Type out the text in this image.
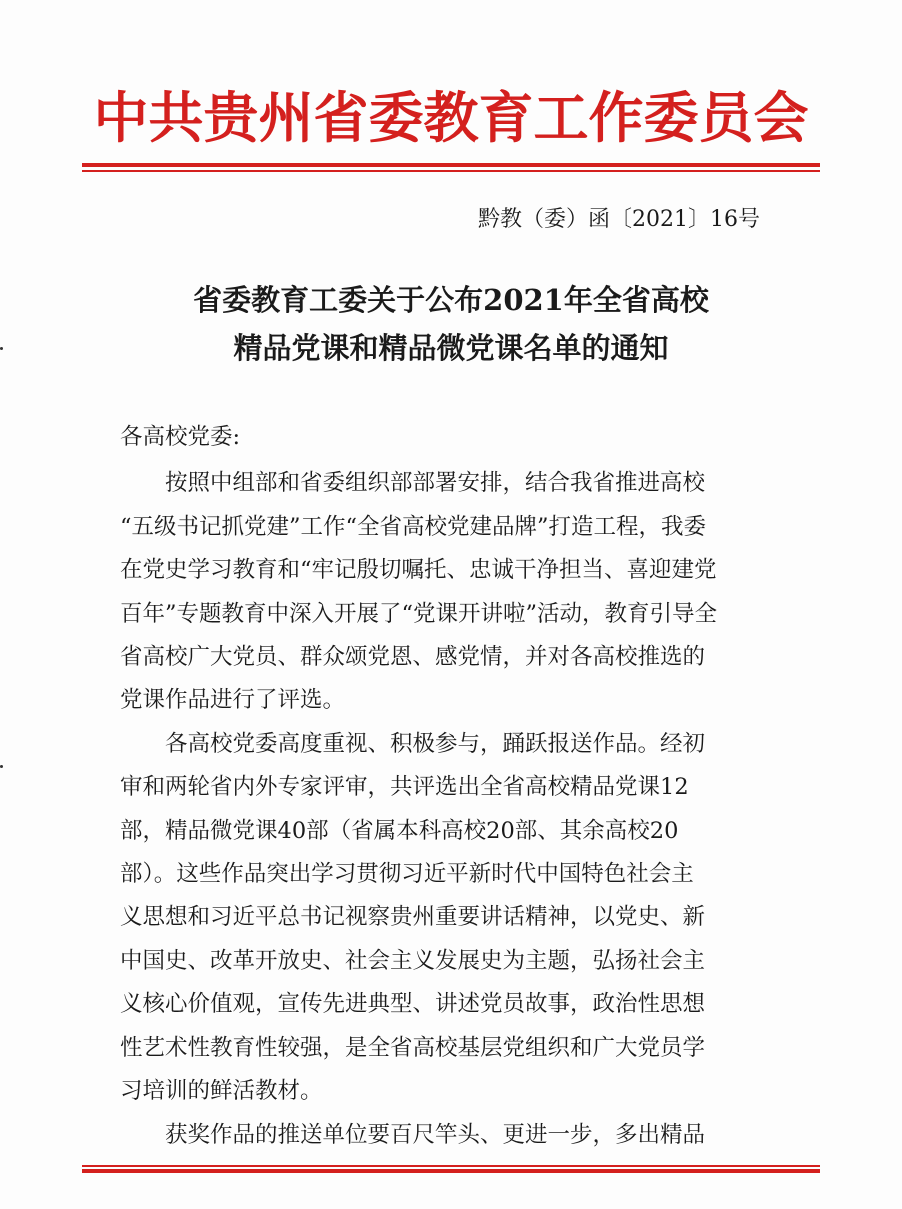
中共贵州省委教育工作委员会
黔教（委）函〔2021〕16号
省委教育工委关于公布2021年全省高校
精品党课和精品微党课名单的通知
各高校党委:
按照中组部和省委组织部部署安排，结合我省推进高校
“五级书记抓党建”工作“全省高校党建品牌”打造工程，我委
在党史学习教育和“牢记殷切嘱托、忠诚干净担当、喜迎建党
百年”专题教育中深入开展了“党课开讲啦”活动，教育引导全
省高校广大党员、群众颂党恩、感党情，并对各高校推选的
党课作品进行了评选。
各高校党委高度重视、积极参与，踊跃报送作品。经初
审和两轮省内外专家评审，共评选出全省高校精品党课12
部，精品微党课40部（省属本科高校20部、其余高校20
部）。这些作品突出学习贯彻习近平新时代中国特色社会主
义思想和习近平总书记视察贵州重要讲话精神，以党史、新
中国史、改革开放史、社会主义发展史为主题，弘扬社会主
义核心价值观，宣传先进典型、讲述党员故事，政治性思想
性艺术性教育性较强，是全省高校基层党组织和广大党员学
习培训的鲜活教材。
获奖作品的推送单位要百尺竿头、更进一步，多出精品
